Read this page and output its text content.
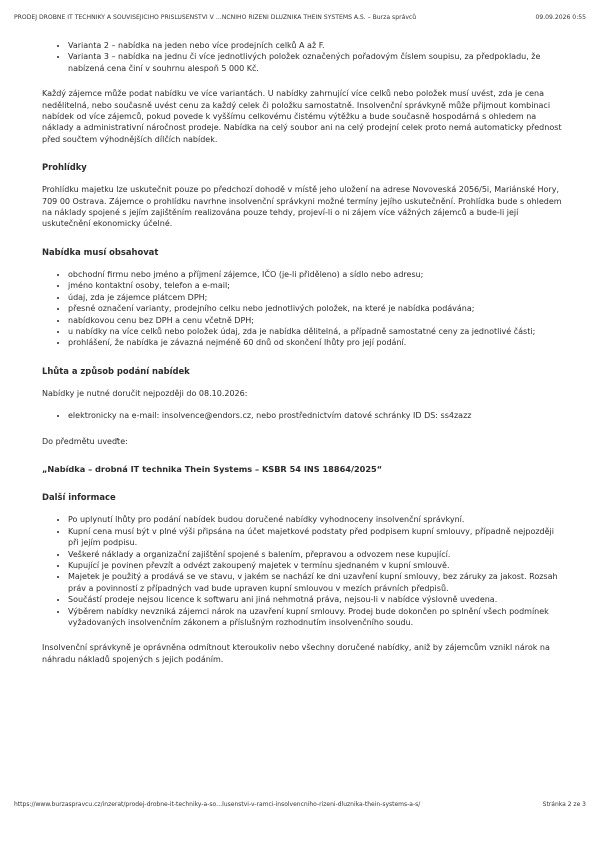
PRODEJ DROBNE IT TECHNIKY A SOUVISEJICIHO PRISLUSENSTVI V …NCNIHO RIZENI DLUZNIKA THEIN SYSTEMS A.S. – Burza správců	09.09.2026 0:55
• Varianta 2 – nabídka na jeden nebo více prodejních celků A až F.
• Varianta 3 – nabídka na jednu či více jednotlivých položek označených pořadovým číslem soupisu, za předpokladu, že nabízená cena činí v souhrnu alespoň 5 000 Kč.

Každý zájemce může podat nabídku ve více variantách. U nabídky zahrnující více celků nebo položek musí uvést, zda je cena nedělitelná, nebo současně uvést cenu za každý celek či položku samostatně. Insolvenční správkyně může přijmout kombinaci nabídek od více zájemců, pokud povede k vyššímu celkovému čistému výtěžku a bude současně hospodárná s ohledem na náklady a administrativní náročnost prodeje. Nabídka na celý soubor ani na celý prodejní celek proto nemá automaticky přednost před součtem výhodnějších dílčích nabídek.

Prohlídky

Prohlídku majetku lze uskutečnit pouze po předchozí dohodě v místě jeho uložení na adrese Novoveská 2056/5i, Mariánské Hory, 709 00 Ostrava. Zájemce o prohlídku navrhne insolvenční správkyni možné termíny jejího uskutečnění. Prohlídka bude s ohledem na náklady spojené s jejím zajištěním realizována pouze tehdy, projeví-li o ni zájem více vážných zájemců a bude-li její uskutečnění ekonomicky účelné.

Nabídka musí obsahovat
• obchodní firmu nebo jméno a příjmení zájemce, IČO (je-li přiděleno) a sídlo nebo adresu;
• jméno kontaktní osoby, telefon a e-mail;
• údaj, zda je zájemce plátcem DPH;
• přesné označení varianty, prodejního celku nebo jednotlivých položek, na které je nabídka podávána;
• nabídkovou cenu bez DPH a cenu včetně DPH;
• u nabídky na více celků nebo položek údaj, zda je nabídka dělitelná, a případně samostatné ceny za jednotlivé části;
• prohlášení, že nabídka je závazná nejméně 60 dnů od skončení lhůty pro její podání.
Lhůta a způsob podání nabídek

Nabídky je nutné doručit nejpozději do 08.10.2026:

• elektronicky na e-mail: insolvence@endors.cz, nebo prostřednictvím datové schránky ID DS: ss4zazz

Do předmětu uveďte:

„Nabídka – drobná IT technika Thein Systems – KSBR 54 INS 18864/2025“

Další informace
• Po uplynutí lhůty pro podání nabídek budou doručené nabídky vyhodnoceny insolvenční správkyní.
• Kupní cena musí být v plné výši připsána na účet majetkové podstaty před podpisem kupní smlouvy, případně nejpozději při jejím podpisu.
• Veškeré náklady a organizační zajištění spojené s balením, přepravou a odvozem nese kupující.
• Kupující je povinen převzít a odvézt zakoupený majetek v termínu sjednaném v kupní smlouvě.
• Majetek je použitý a prodává se ve stavu, v jakém se nachází ke dni uzavření kupní smlouvy, bez záruky za jakost. Rozsah práv a povinností z případných vad bude upraven kupní smlouvou v mezích právních předpisů.
• Součástí prodeje nejsou licence k softwaru ani jiná nehmotná práva, nejsou-li v nabídce výslovně uvedena.
• Výběrem nabídky nevzniká zájemci nárok na uzavření kupní smlouvy. Prodej bude dokončen po splnění všech podmínek vyžadovaných insolvenčním zákonem a příslušným rozhodnutím insolvenčního soudu.

Insolvenční správkyně je oprávněna odmítnout kteroukoliv nebo všechny doručené nabídky, aniž by zájemcům vznikl nárok na náhradu nákladů spojených s jejich podáním.

https://www.burzaspravcu.cz/inzerat/prodej-drobne-it-techniky-a-so…lusenstvi-v-ramci-insolvencniho-rizeni-dluznika-thein-systems-a-s/	Stránka 2 ze 3
